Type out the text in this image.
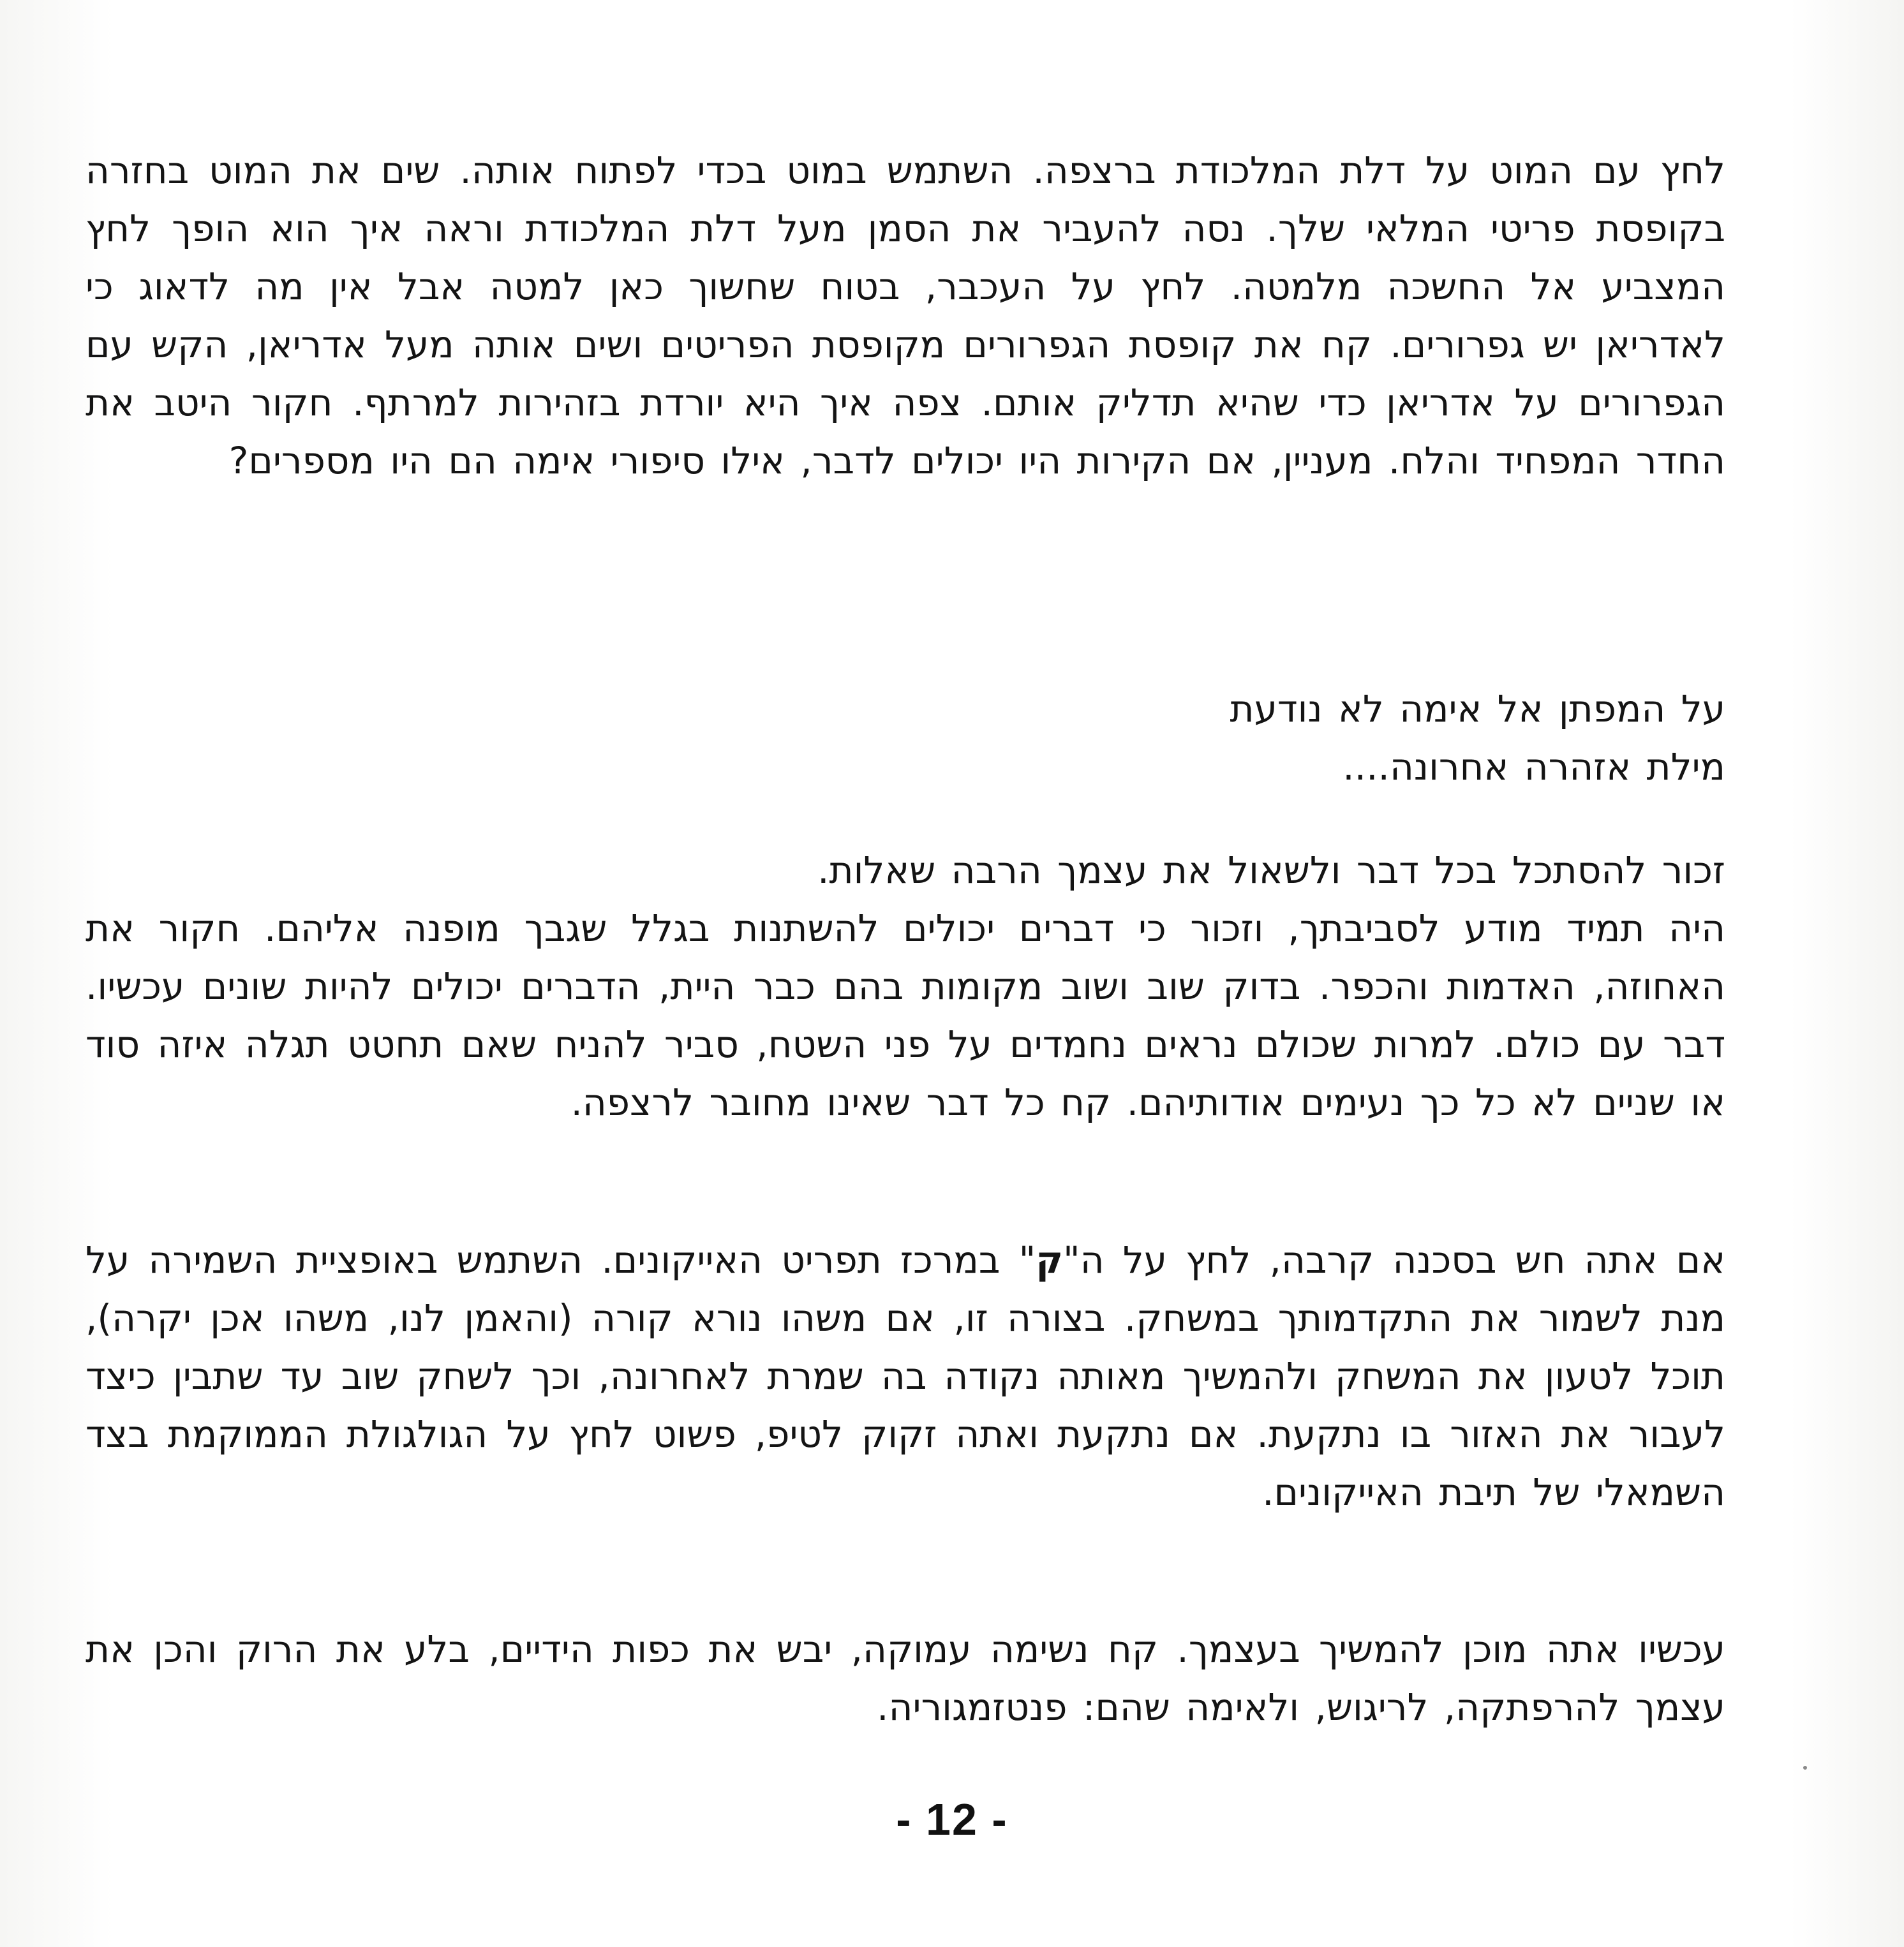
לחץ עם המוט על דלת המלכודת ברצפה. השתמש במוט בכדי לפתוח אותה. שים את המוט בחזרה בקופסת פריטי המלאי שלך. נסה להעביר את הסמן מעל דלת המלכודת וראה איך הוא הופך לחץ המצביע אל החשכה מלמטה. לחץ על העכבר, בטוח שחשוך כאן למטה אבל אין מה לדאוג כי לאדריאן יש גפרורים. קח את קופסת הגפרורים מקופסת הפריטים ושים אותה מעל אדריאן, הקש עם הגפרורים על אדריאן כדי שהיא תדליק אותם. צפה איך היא יורדת בזהירות למרתף. חקור היטב את החדר המפחיד והלח. מעניין, אם הקירות היו יכולים לדבר, אילו סיפורי אימה הם היו מספרים?

על המפתן אל אימה לא נודעת
מילת אזהרה אחרונה....
זכור להסתכל בכל דבר ולשאול את עצמך הרבה שאלות.

היה תמיד מודע לסביבתך, וזכור כי דברים יכולים להשתנות בגלל שגבך מופנה אליהם. חקור את האחוזה, האדמות והכפר. בדוק שוב ושוב מקומות בהם כבר היית, הדברים יכולים להיות שונים עכשיו. דבר עם כולם. למרות שכולם נראים נחמדים על פני השטח, סביר להניח שאם תחטט תגלה איזה סוד או שניים לא כל כך נעימים אודותיהם. קח כל דבר שאינו מחובר לרצפה.

אם אתה חש בסכנה קרבה, לחץ על ה"ק" במרכז תפריט האייקונים. השתמש באופציית השמירה על מנת לשמור את התקדמותך במשחק. בצורה זו, אם משהו נורא קורה (והאמן לנו, משהו אכן יקרה), תוכל לטעון את המשחק ולהמשיך מאותה נקודה בה שמרת לאחרונה, וכך לשחק שוב עד שתבין כיצד לעבור את האזור בו נתקעת. אם נתקעת ואתה זקוק לטיפ, פשוט לחץ על הגולגולת הממוקמת בצד השמאלי של תיבת האייקונים.

עכשיו אתה מוכן להמשיך בעצמך. קח נשימה עמוקה, יבש את כפות הידיים, בלע את הרוק והכן את עצמך להרפתקה, לריגוש, ולאימה שהם: פנטזמגוריה.

- 12 -
